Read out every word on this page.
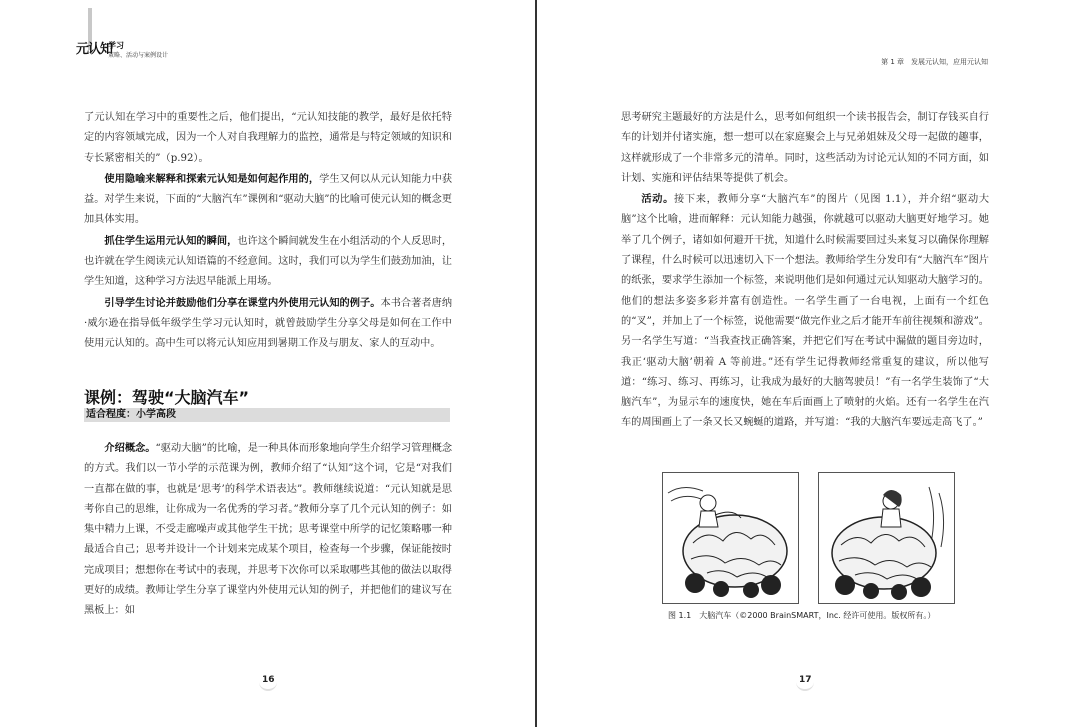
元认知
学习
策略、活动与案例设计

了元认知在学习中的重要性之后，他们提出，“元认知技能的教学，最好是依托特定的内容领域完成，因为一个人对自我理解力的监控，通常是与特定领域的知识和专长紧密相关的”（p.92）。

使用隐喻来解释和探索元认知是如何起作用的，学生又何以从元认知能力中获益。对学生来说，下面的“大脑汽车”课例和“驱动大脑”的比喻可使元认知的概念更加具体实用。

抓住学生运用元认知的瞬间，也许这个瞬间就发生在小组活动的个人反思时，也许就在学生阅读元认知语篇的不经意间。这时，我们可以为学生们鼓劲加油，让学生知道，这种学习方法迟早能派上用场。

引导学生讨论并鼓励他们分享在课堂内外使用元认知的例子。本书合著者唐纳·威尔逊在指导低年级学生学习元认知时，就曾鼓励学生分享父母是如何在工作中使用元认知的。高中生可以将元认知应用到暑期工作及与朋友、家人的互动中。

课例：驾驶“大脑汽车”
适合程度：小学高段

介绍概念。“驱动大脑”的比喻，是一种具体而形象地向学生介绍学习管理概念的方式。我们以一节小学的示范课为例，教师介绍了“认知”这个词，它是“对我们一直都在做的事，也就是‘思考’的科学术语表达”。教师继续说道：“元认知就是思考你自己的思维，让你成为一名优秀的学习者。”教师分享了几个元认知的例子：如集中精力上课，不受走廊噪声或其他学生干扰；思考课堂中所学的记忆策略哪一种最适合自己；思考并设计一个计划来完成某个项目，检查每一个步骤，保证能按时完成项目；想想你在考试中的表现，并思考下次你可以采取哪些其他的做法以取得更好的成绩。教师让学生分享了课堂内外使用元认知的例子，并把他们的建议写在黑板上：如

16
第 1 章　发展元认知，应用元认知

思考研究主题最好的方法是什么，思考如何组织一个读书报告会，制订存钱买自行车的计划并付诸实施，想一想可以在家庭聚会上与兄弟姐妹及父母一起做的趣事，这样就形成了一个非常多元的清单。同时，这些活动为讨论元认知的不同方面，如计划、实施和评估结果等提供了机会。

活动。接下来，教师分享“大脑汽车”的图片（见图 1.1），并介绍“驱动大脑”这个比喻，进而解释：元认知能力越强，你就越可以驱动大脑更好地学习。她举了几个例子，诸如如何避开干扰，知道什么时候需要回过头来复习以确保你理解了课程，什么时候可以迅速切入下一个想法。教师给学生分发印有“大脑汽车”图片的纸张，要求学生添加一个标签，来说明他们是如何通过元认知驱动大脑学习的。他们的想法多姿多彩并富有创造性。一名学生画了一台电视，上面有一个红色的“叉”，并加上了一个标签，说他需要“做完作业之后才能开车前往视频和游戏”。另一名学生写道：“当我查找正确答案，并把它们写在考试中漏做的题目旁边时，我正‘驱动大脑’朝着 A 等前进。”还有学生记得教师经常重复的建议，所以他写道：“练习、练习、再练习，让我成为最好的大脑驾驶员！”有一名学生装饰了“大脑汽车”，为显示车的速度快，她在车后面画上了喷射的火焰。还有一名学生在汽车的周围画上了一条又长又蜿蜒的道路，并写道：“我的大脑汽车要远走高飞了。”

图 1.1　大脑汽车（©2000 BrainSMART，Inc. 经许可使用。版权所有。）
17
